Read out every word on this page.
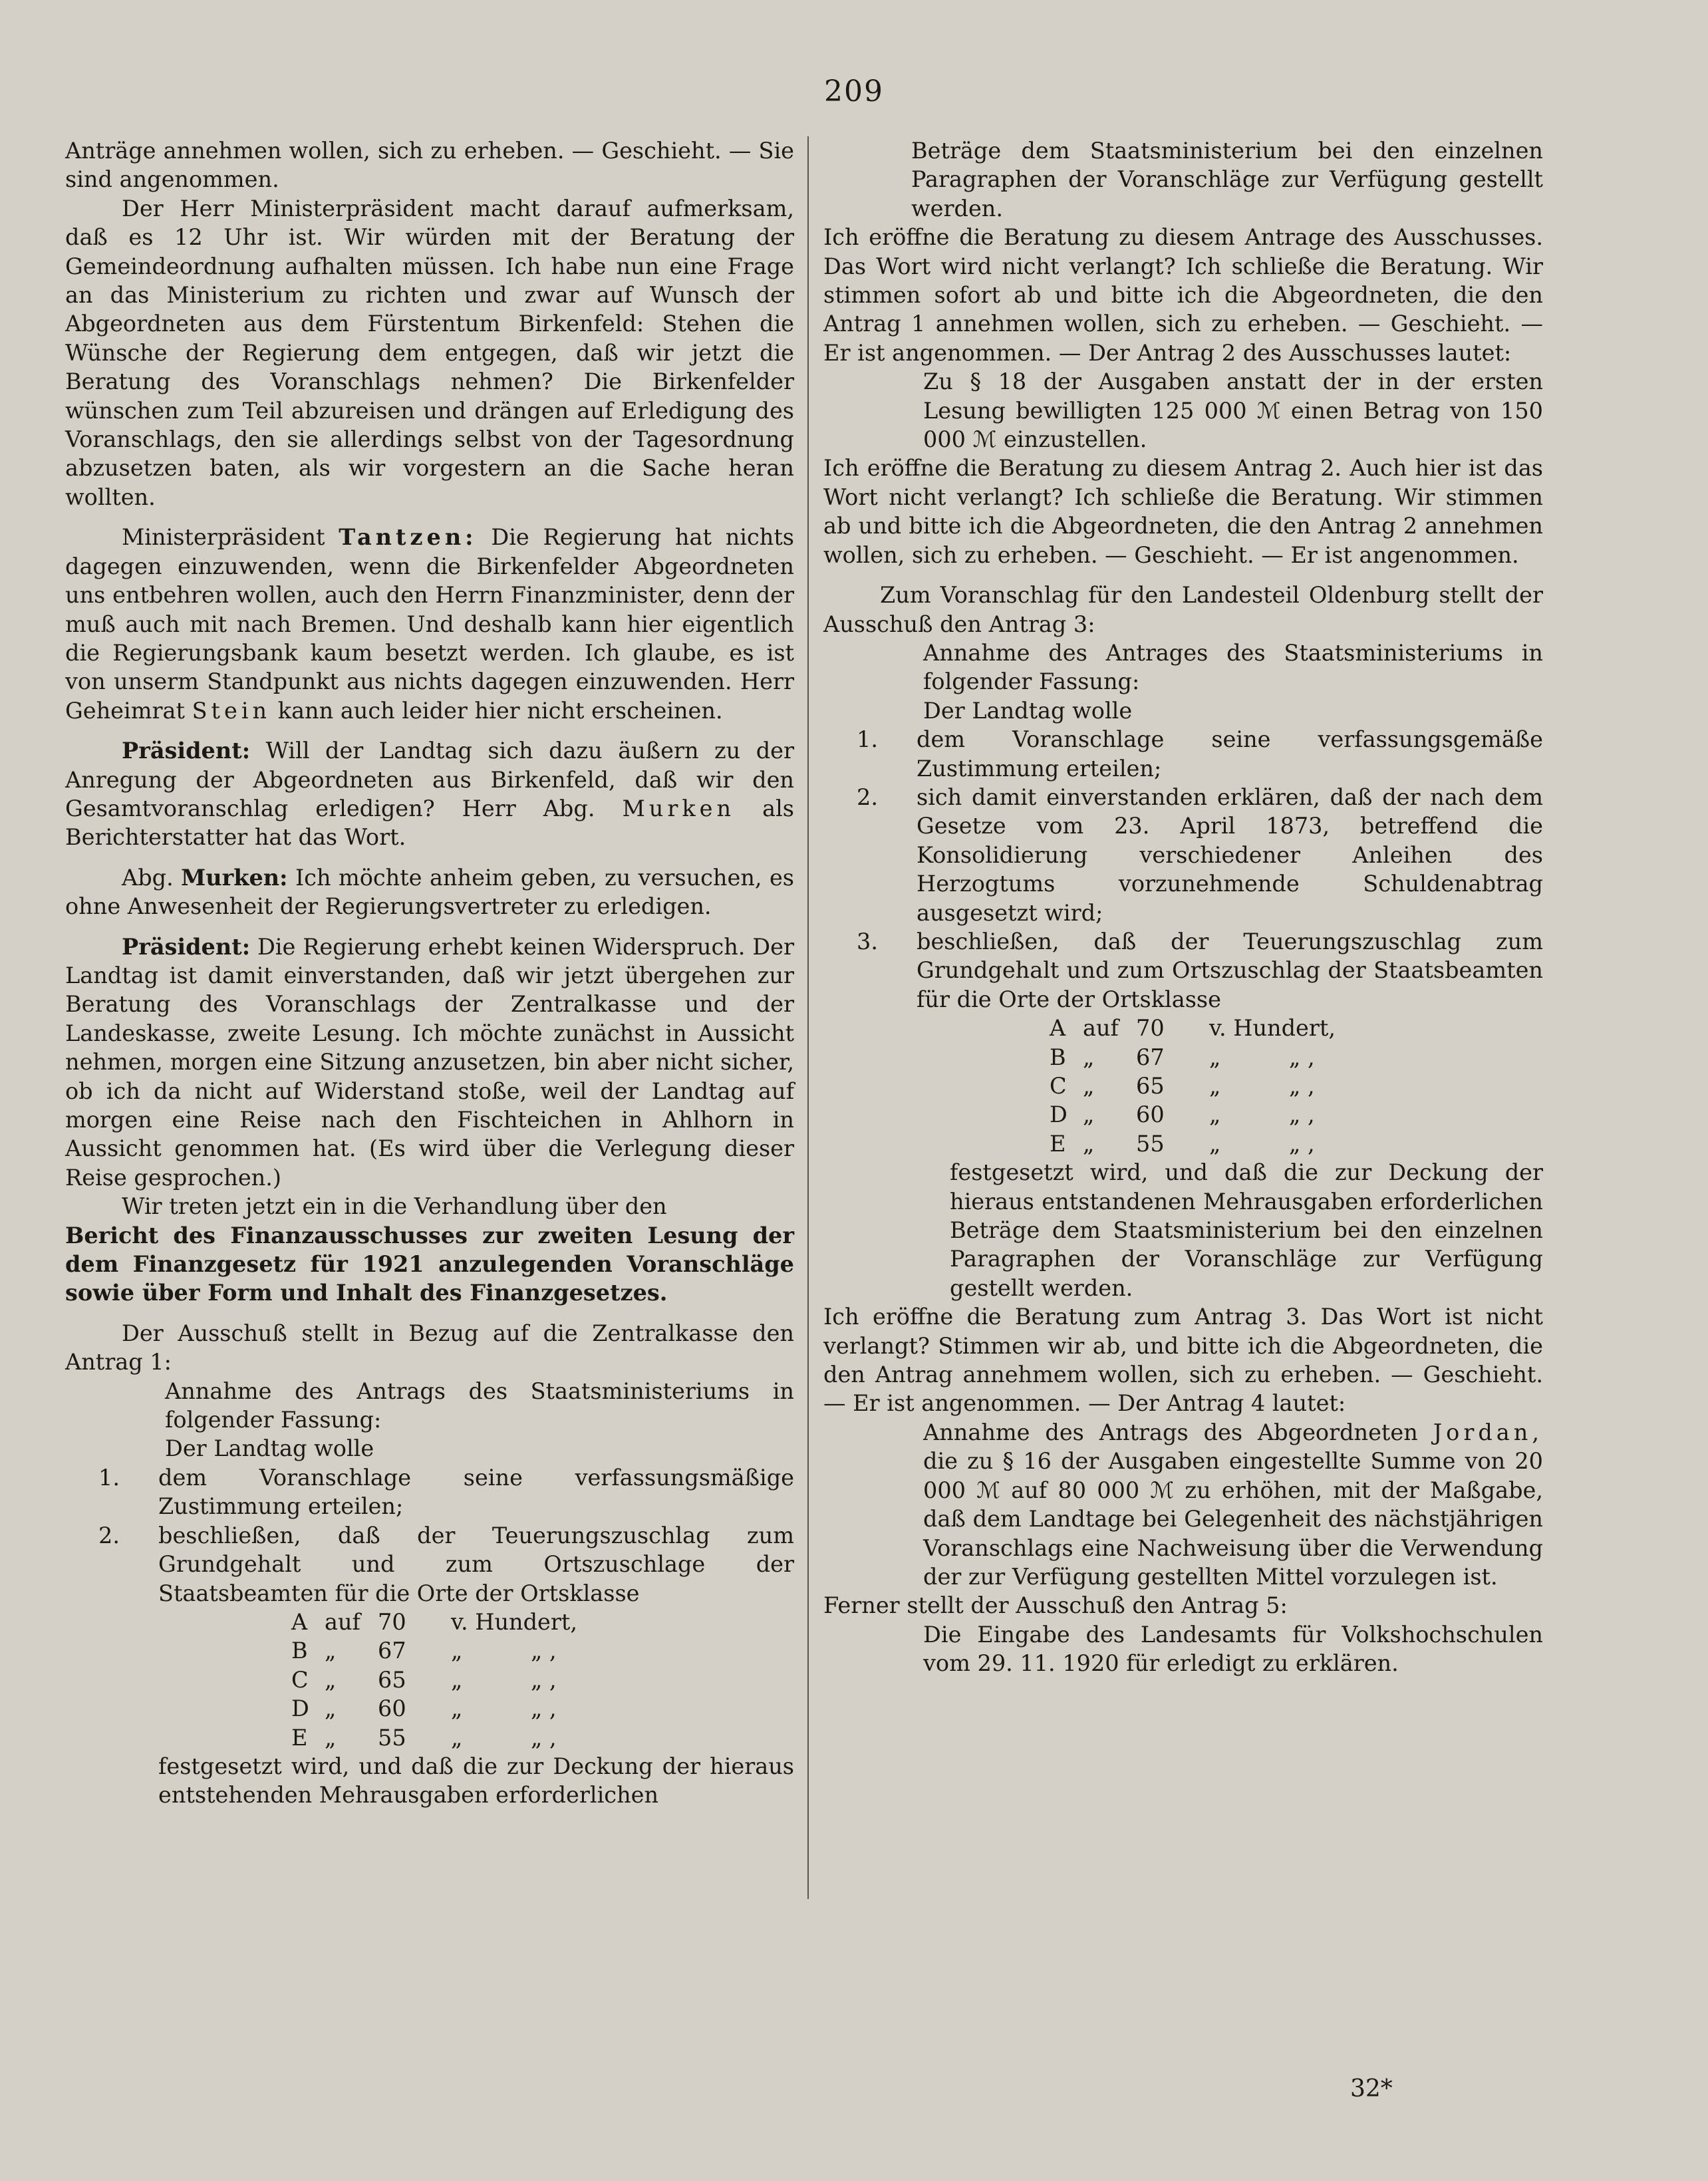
209

Anträge annehmen wollen, sich zu erheben. — Geschieht. — Sie sind angenommen.

Der Herr Ministerpräsident macht darauf aufmerksam, daß es 12 Uhr ist. Wir würden mit der Beratung der Gemeindeordnung aufhalten müssen. Ich habe nun eine Frage an das Ministerium zu richten und zwar auf Wunsch der Abgeordneten aus dem Fürstentum Birkenfeld: Stehen die Wünsche der Regierung dem entgegen, daß wir jetzt die Beratung des Voranschlags nehmen? Die Birkenfelder wünschen zum Teil abzureisen und drängen auf Erledigung des Voranschlags, den sie allerdings selbst von der Tagesordnung abzusetzen baten, als wir vorgestern an die Sache heran wollten.

Ministerpräsident Tantzen: Die Regierung hat nichts dagegen einzuwenden, wenn die Birkenfelder Abgeordneten uns entbehren wollen, auch den Herrn Finanzminister, denn der muß auch mit nach Bremen. Und deshalb kann hier eigentlich die Regierungsbank kaum besetzt werden. Ich glaube, es ist von unserm Standpunkt aus nichts dagegen einzuwenden. Herr Geheimrat Stein kann auch leider hier nicht erscheinen.

Präsident: Will der Landtag sich dazu äußern zu der Anregung der Abgeordneten aus Birkenfeld, daß wir den Gesamtvoranschlag erledigen? Herr Abg. Murken als Berichterstatter hat das Wort.

Abg. Murken: Ich möchte anheim geben, zu versuchen, es ohne Anwesenheit der Regierungsvertreter zu erledigen.

Präsident: Die Regierung erhebt keinen Widerspruch. Der Landtag ist damit einverstanden, daß wir jetzt übergehen zur Beratung des Voranschlags der Zentralkasse und der Landeskasse, zweite Lesung. Ich möchte zunächst in Aussicht nehmen, morgen eine Sitzung anzusetzen, bin aber nicht sicher, ob ich da nicht auf Widerstand stoße, weil der Landtag auf morgen eine Reise nach den Fischteichen in Ahlhorn in Aussicht genommen hat. (Es wird über die Verlegung dieser Reise gesprochen.)

Wir treten jetzt ein in die Verhandlung über den

Bericht des Finanzausschusses zur zweiten Lesung der dem Finanzgesetz für 1921 anzulegenden Voranschläge sowie über Form und Inhalt des Finanzgesetzes.

Der Ausschuß stellt in Bezug auf die Zentralkasse den Antrag 1:

Annahme des Antrags des Staatsministeriums in folgender Fassung:

Der Landtag wolle

1.	dem Voranschlage seine verfassungsmäßige Zustimmung erteilen;
2.	beschließen, daß der Teuerungszuschlag zum Grundgehalt und zum Ortszuschlage der Staatsbeamten für die Orte der Ortsklasse
A auf 70	v. Hundert,
B „	67	„	„ ,
C „	65	„	„ ,
D „	60	„	„ ,
E „	55	„	„ ,

festgesetzt wird, und daß die zur Deckung der hieraus entstehenden Mehrausgaben erforderlichen

Beträge dem Staatsministerium bei den einzelnen Paragraphen der Voranschläge zur Verfügung gestellt werden.

Ich eröffne die Beratung zu diesem Antrage des Ausschusses. Das Wort wird nicht verlangt? Ich schließe die Beratung. Wir stimmen sofort ab und bitte ich die Abgeordneten, die den Antrag 1 annehmen wollen, sich zu erheben. — Geschieht. — Er ist angenommen. — Der Antrag 2 des Ausschusses lautet:

Zu § 18 der Ausgaben anstatt der in der ersten Lesung bewilligten 125 000 ℳ einen Betrag von 150 000 ℳ einzustellen.

Ich eröffne die Beratung zu diesem Antrag 2. Auch hier ist das Wort nicht verlangt? Ich schließe die Beratung. Wir stimmen ab und bitte ich die Abgeordneten, die den Antrag 2 annehmen wollen, sich zu erheben. — Geschieht. — Er ist angenommen.

Zum Voranschlag für den Landesteil Oldenburg stellt der Ausschuß den Antrag 3:

Annahme des Antrages des Staatsministeriums in folgender Fassung:

Der Landtag wolle

1.	dem Voranschlage seine verfassungsgemäße Zustimmung erteilen;
2.	sich damit einverstanden erklären, daß der nach dem Gesetze vom 23. April 1873, betreffend die Konsolidierung verschiedener Anleihen des Herzogtums vorzunehmende Schuldenabtrag ausgesetzt wird;
3.	beschließen, daß der Teuerungszuschlag zum Grundgehalt und zum Ortszuschlag der Staatsbeamten für die Orte der Ortsklasse
A auf 70	v. Hundert,
B „	67	„	„ ,
C „	65	„	„ ,
D „	60	„	„ ,
E „	55	„	„ ,

festgesetzt wird, und daß die zur Deckung der hieraus entstandenen Mehrausgaben erforderlichen Beträge dem Staatsministerium bei den einzelnen Paragraphen der Voranschläge zur Verfügung gestellt werden.

Ich eröffne die Beratung zum Antrag 3. Das Wort ist nicht verlangt? Stimmen wir ab, und bitte ich die Abgeordneten, die den Antrag annehmem wollen, sich zu erheben. — Geschieht. — Er ist angenommen. — Der Antrag 4 lautet:

Annahme des Antrags des Abgeordneten Jordan, die zu § 16 der Ausgaben eingestellte Summe von 20 000 ℳ auf 80 000 ℳ zu erhöhen, mit der Maßgabe, daß dem Landtage bei Gelegenheit des nächstjährigen Voranschlags eine Nachweisung über die Verwendung der zur Verfügung gestellten Mittel vorzulegen ist.

Ferner stellt der Ausschuß den Antrag 5:

Die Eingabe des Landesamts für Volkshochschulen vom 29. 11. 1920 für erledigt zu erklären.

32*
